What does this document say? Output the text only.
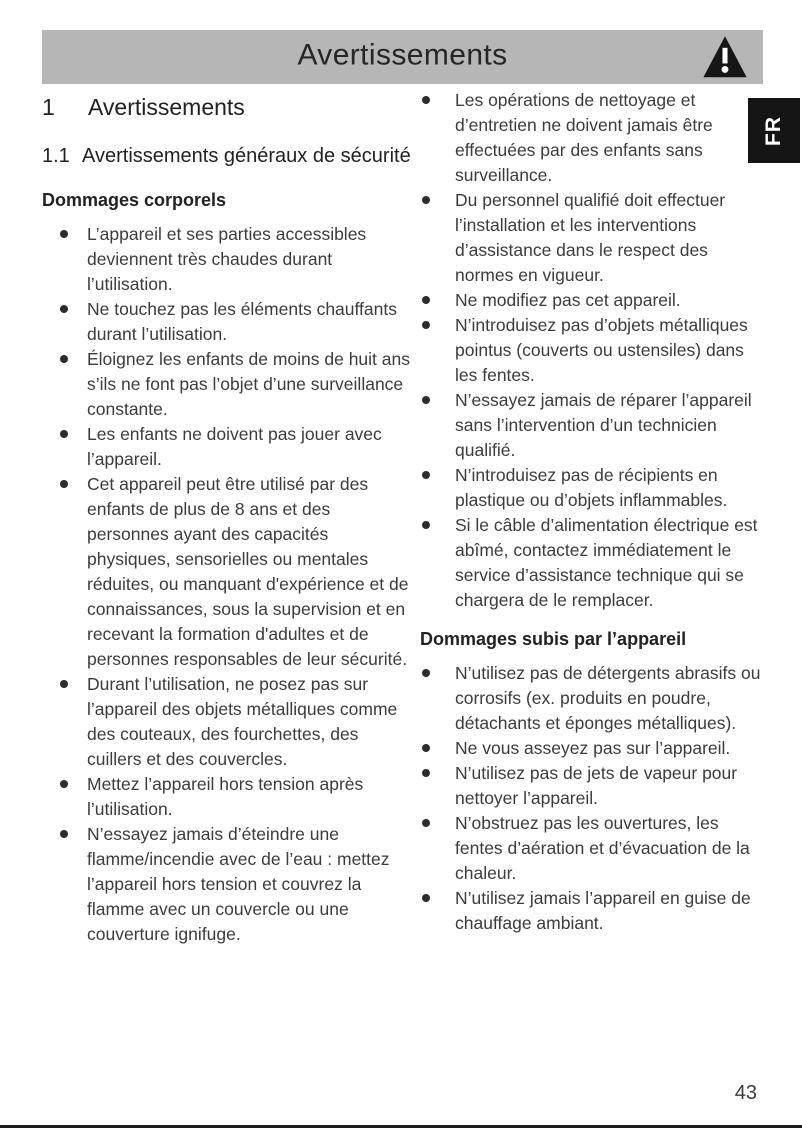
Avertissements
FR
1 Avertissements
1.1 Avertissements généraux de sécurité
Dommages corporels
L’appareil et ses parties accessibles deviennent très chaudes durant l’utilisation.
Ne touchez pas les éléments chauffants durant l’utilisation.
Éloignez les enfants de moins de huit ans s’ils ne font pas l’objet d’une surveillance constante.
Les enfants ne doivent pas jouer avec l’appareil.
Cet appareil peut être utilisé par des enfants de plus de 8 ans et des personnes ayant des capacités physiques, sensorielles ou mentales réduites, ou manquant d'expérience et de connaissances, sous la supervision et en recevant la formation d'adultes et de personnes responsables de leur sécurité.
Durant l’utilisation, ne posez pas sur l’appareil des objets métalliques comme des couteaux, des fourchettes, des cuillers et des couvercles.
Mettez l’appareil hors tension après l’utilisation.
N’essayez jamais d’éteindre une flamme/incendie avec de l’eau : mettez l’appareil hors tension et couvrez la flamme avec un couvercle ou une couverture ignifuge.
Les opérations de nettoyage et d’entretien ne doivent jamais être effectuées par des enfants sans surveillance.
Du personnel qualifié doit effectuer l’installation et les interventions d’assistance dans le respect des normes en vigueur.
Ne modifiez pas cet appareil.
N’introduisez pas d’objets métalliques pointus (couverts ou ustensiles) dans les fentes.
N’essayez jamais de réparer l’appareil sans l’intervention d’un technicien qualifié.
N’introduisez pas de récipients en plastique ou d’objets inflammables.
Si le câble d’alimentation électrique est abîmé, contactez immédiatement le service d’assistance technique qui se chargera de le remplacer.
Dommages subis par l’appareil
N’utilisez pas de détergents abrasifs ou corrosifs (ex. produits en poudre, détachants et éponges métalliques).
Ne vous asseyez pas sur l’appareil.
N’utilisez pas de jets de vapeur pour nettoyer l’appareil.
N’obstruez pas les ouvertures, les fentes d’aération et d’évacuation de la chaleur.
N’utilisez jamais l’appareil en guise de chauffage ambiant.
43
